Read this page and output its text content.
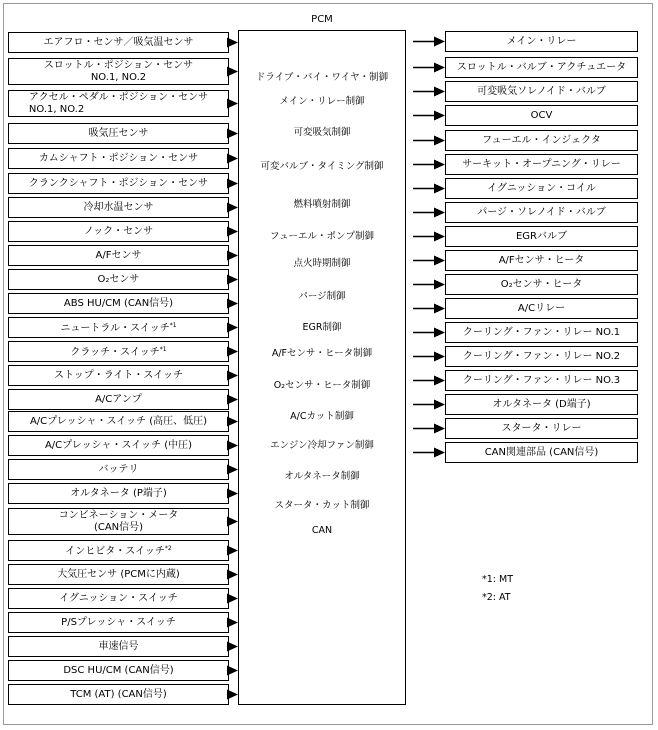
PCM
エアフロ・センサ／吸気温センサ
スロットル・ポジション・センサ
NO.1, NO.2
アクセル・ペダル・ポジション・センサ
NO.1, NO.2
吸気圧センサ
カムシャフト・ポジション・センサ
クランクシャフト・ポジション・センサ
冷却水温センサ
ノック・センサ
A/Fセンサ
O₂センサ
ABS HU/CM (CAN信号)
ニュートラル・スイッチ$^{*1}$
クラッチ・スイッチ$^{*1}$
ストップ・ライト・スイッチ
A/Cアンプ
A/Cプレッシャ・スイッチ (高圧、低圧)
A/Cプレッシャ・スイッチ (中圧)
バッテリ
オルタネータ (P端子)
コンビネーション・メータ
(CAN信号)
インヒビタ・スイッチ$^{*2}$
大気圧センサ (PCMに内蔵)
イグニッション・スイッチ
P/Sプレッシャ・スイッチ
車速信号
DSC HU/CM (CAN信号)
TCM (AT) (CAN信号)
メイン・リレー
スロットル・バルブ・アクチュエータ
可変吸気ソレノイド・バルブ
OCV
フューエル・インジェクタ
サーキット・オープニング・リレー
イグニッション・コイル
パージ・ソレノイド・バルブ
EGRバルブ
A/Fセンサ・ヒータ
O₂センサ・ヒータ
A/Cリレー
クーリング・ファン・リレー NO.1
クーリング・ファン・リレー NO.2
クーリング・ファン・リレー NO.3
オルタネータ (D端子)
スタータ・リレー
CAN関連部品 (CAN信号)
ドライブ・バイ・ワイヤ・制御
メイン・リレー制御
可変吸気制御
可変バルブ・タイミング制御
燃料噴射制御
フューエル・ポンプ制御
点火時期制御
パージ制御
EGR制御
A/Fセンサ・ヒータ制御
O₂センサ・ヒータ制御
A/Cカット制御
エンジン冷却ファン制御
オルタネータ制御
スタータ・カット制御
CAN
*1: MT
*2: AT
